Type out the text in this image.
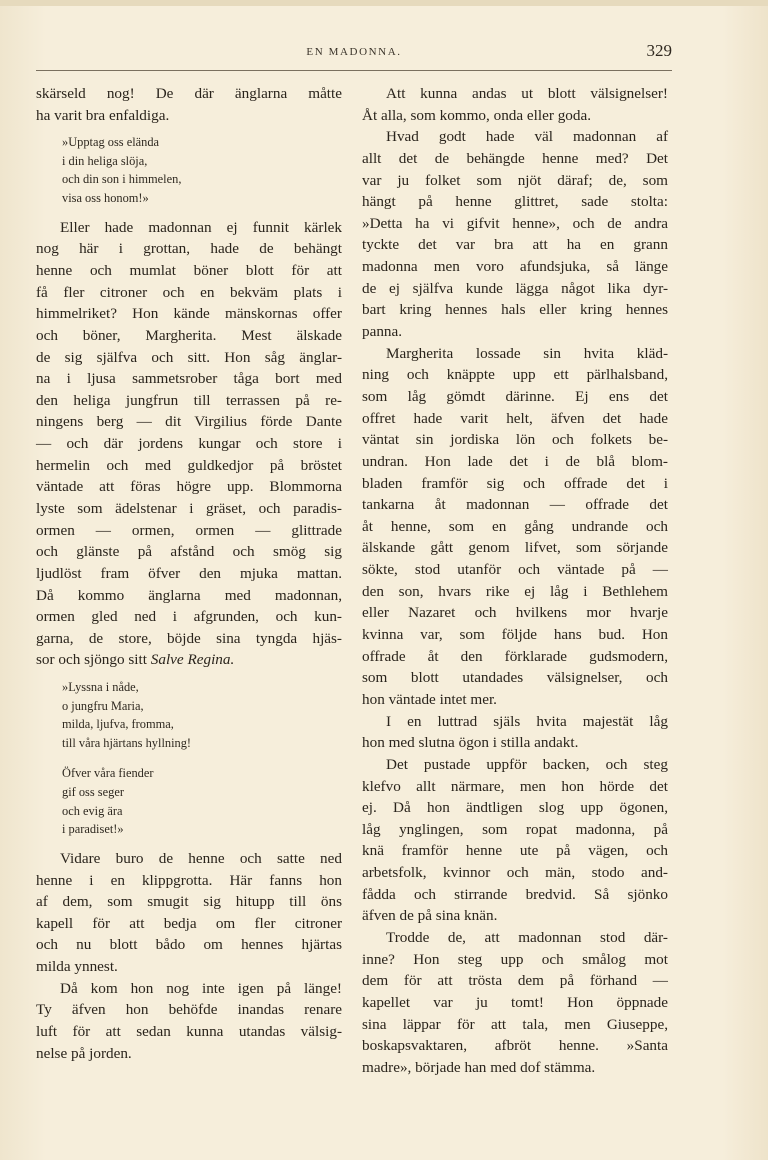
EN MADONNA.	329
skärseld nog! De där änglarna måtte
ha varit bra enfaldiga.
»Upptag oss elända
i din heliga slöja,
och din son i himmelen,
visa oss honom!»
Eller hade madonnan ej funnit kärlek
nog här i grottan, hade de behängt
henne och mumlat böner blott för att
få fler citroner och en bekväm plats i
himmelriket? Hon kände mänskornas offer
och böner, Margherita. Mest älskade
de sig själfva och sitt. Hon såg änglar-
na i ljusa sammetsrober tåga bort med
den heliga jungfrun till terrassen på re-
ningens berg — dit Virgilius förde Dante
— och där jordens kungar och store i
hermelin och med guldkedjor på bröstet
väntade att föras högre upp. Blommorna
lyste som ädelstenar i gräset, och paradis-
ormen — ormen, ormen — glittrade
och glänste på afstånd och smög sig
ljudlöst fram öfver den mjuka mattan.
Då kommo änglarna med madonnan,
ormen gled ned i afgrunden, och kun-
garna, de store, böjde sina tyngda hjäs-
sor och sjöngo sitt Salve Regina.
»Lyssna i nåde,
o jungfru Maria,
milda, ljufva, fromma,
till våra hjärtans hyllning!
Öfver våra fiender
gif oss seger
och evig ära
i paradiset!»
Vidare buro de henne och satte ned
henne i en klippgrotta. Här fanns hon
af dem, som smugit sig hitupp till öns
kapell för att bedja om fler citroner
och nu blott bådo om hennes hjärtas
milda ynnest.
Då kom hon nog inte igen på länge!
Ty äfven hon behöfde inandas renare
luft för att sedan kunna utandas välsig-
nelse på jorden.
Att kunna andas ut blott välsignelser!
Åt alla, som kommo, onda eller goda.
Hvad godt hade väl madonnan af
allt det de behängde henne med? Det
var ju folket som njöt däraf; de, som
hängt på henne glittret, sade stolta:
»Detta ha vi gifvit henne», och de andra
tyckte det var bra att ha en grann
madonna men voro afundsjuka, så länge
de ej själfva kunde lägga något lika dyr-
bart kring hennes hals eller kring hennes
panna.
Margherita lossade sin hvita kläd-
ning och knäppte upp ett pärlhalsband,
som låg gömdt därinne. Ej ens det
offret hade varit helt, äfven det hade
väntat sin jordiska lön och folkets be-
undran. Hon lade det i de blå blom-
bladen framför sig och offrade det i
tankarna åt madonnan — offrade det
åt henne, som en gång undrande och
älskande gått genom lifvet, som sörjande
sökte, stod utanför och väntade på —
den son, hvars rike ej låg i Bethlehem
eller Nazaret och hvilkens mor hvarje
kvinna var, som följde hans bud. Hon
offrade åt den förklarade gudsmodern,
som blott utandades välsignelser, och
hon väntade intet mer.
I en luttrad själs hvita majestät låg
hon med slutna ögon i stilla andakt.
Det pustade uppför backen, och steg
klefvo allt närmare, men hon hörde det
ej. Då hon ändtligen slog upp ögonen,
låg ynglingen, som ropat madonna, på
knä framför henne ute på vägen, och
arbetsfolk, kvinnor och män, stodo and-
fådda och stirrande bredvid. Så sjönko
äfven de på sina knän.
Trodde de, att madonnan stod där-
inne? Hon steg upp och smålog mot
dem för att trösta dem på förhand —
kapellet var ju tomt! Hon öppnade
sina läppar för att tala, men Giuseppe,
boskapsvaktaren, afbröt henne. »Santa
madre», började han med dof stämma.
